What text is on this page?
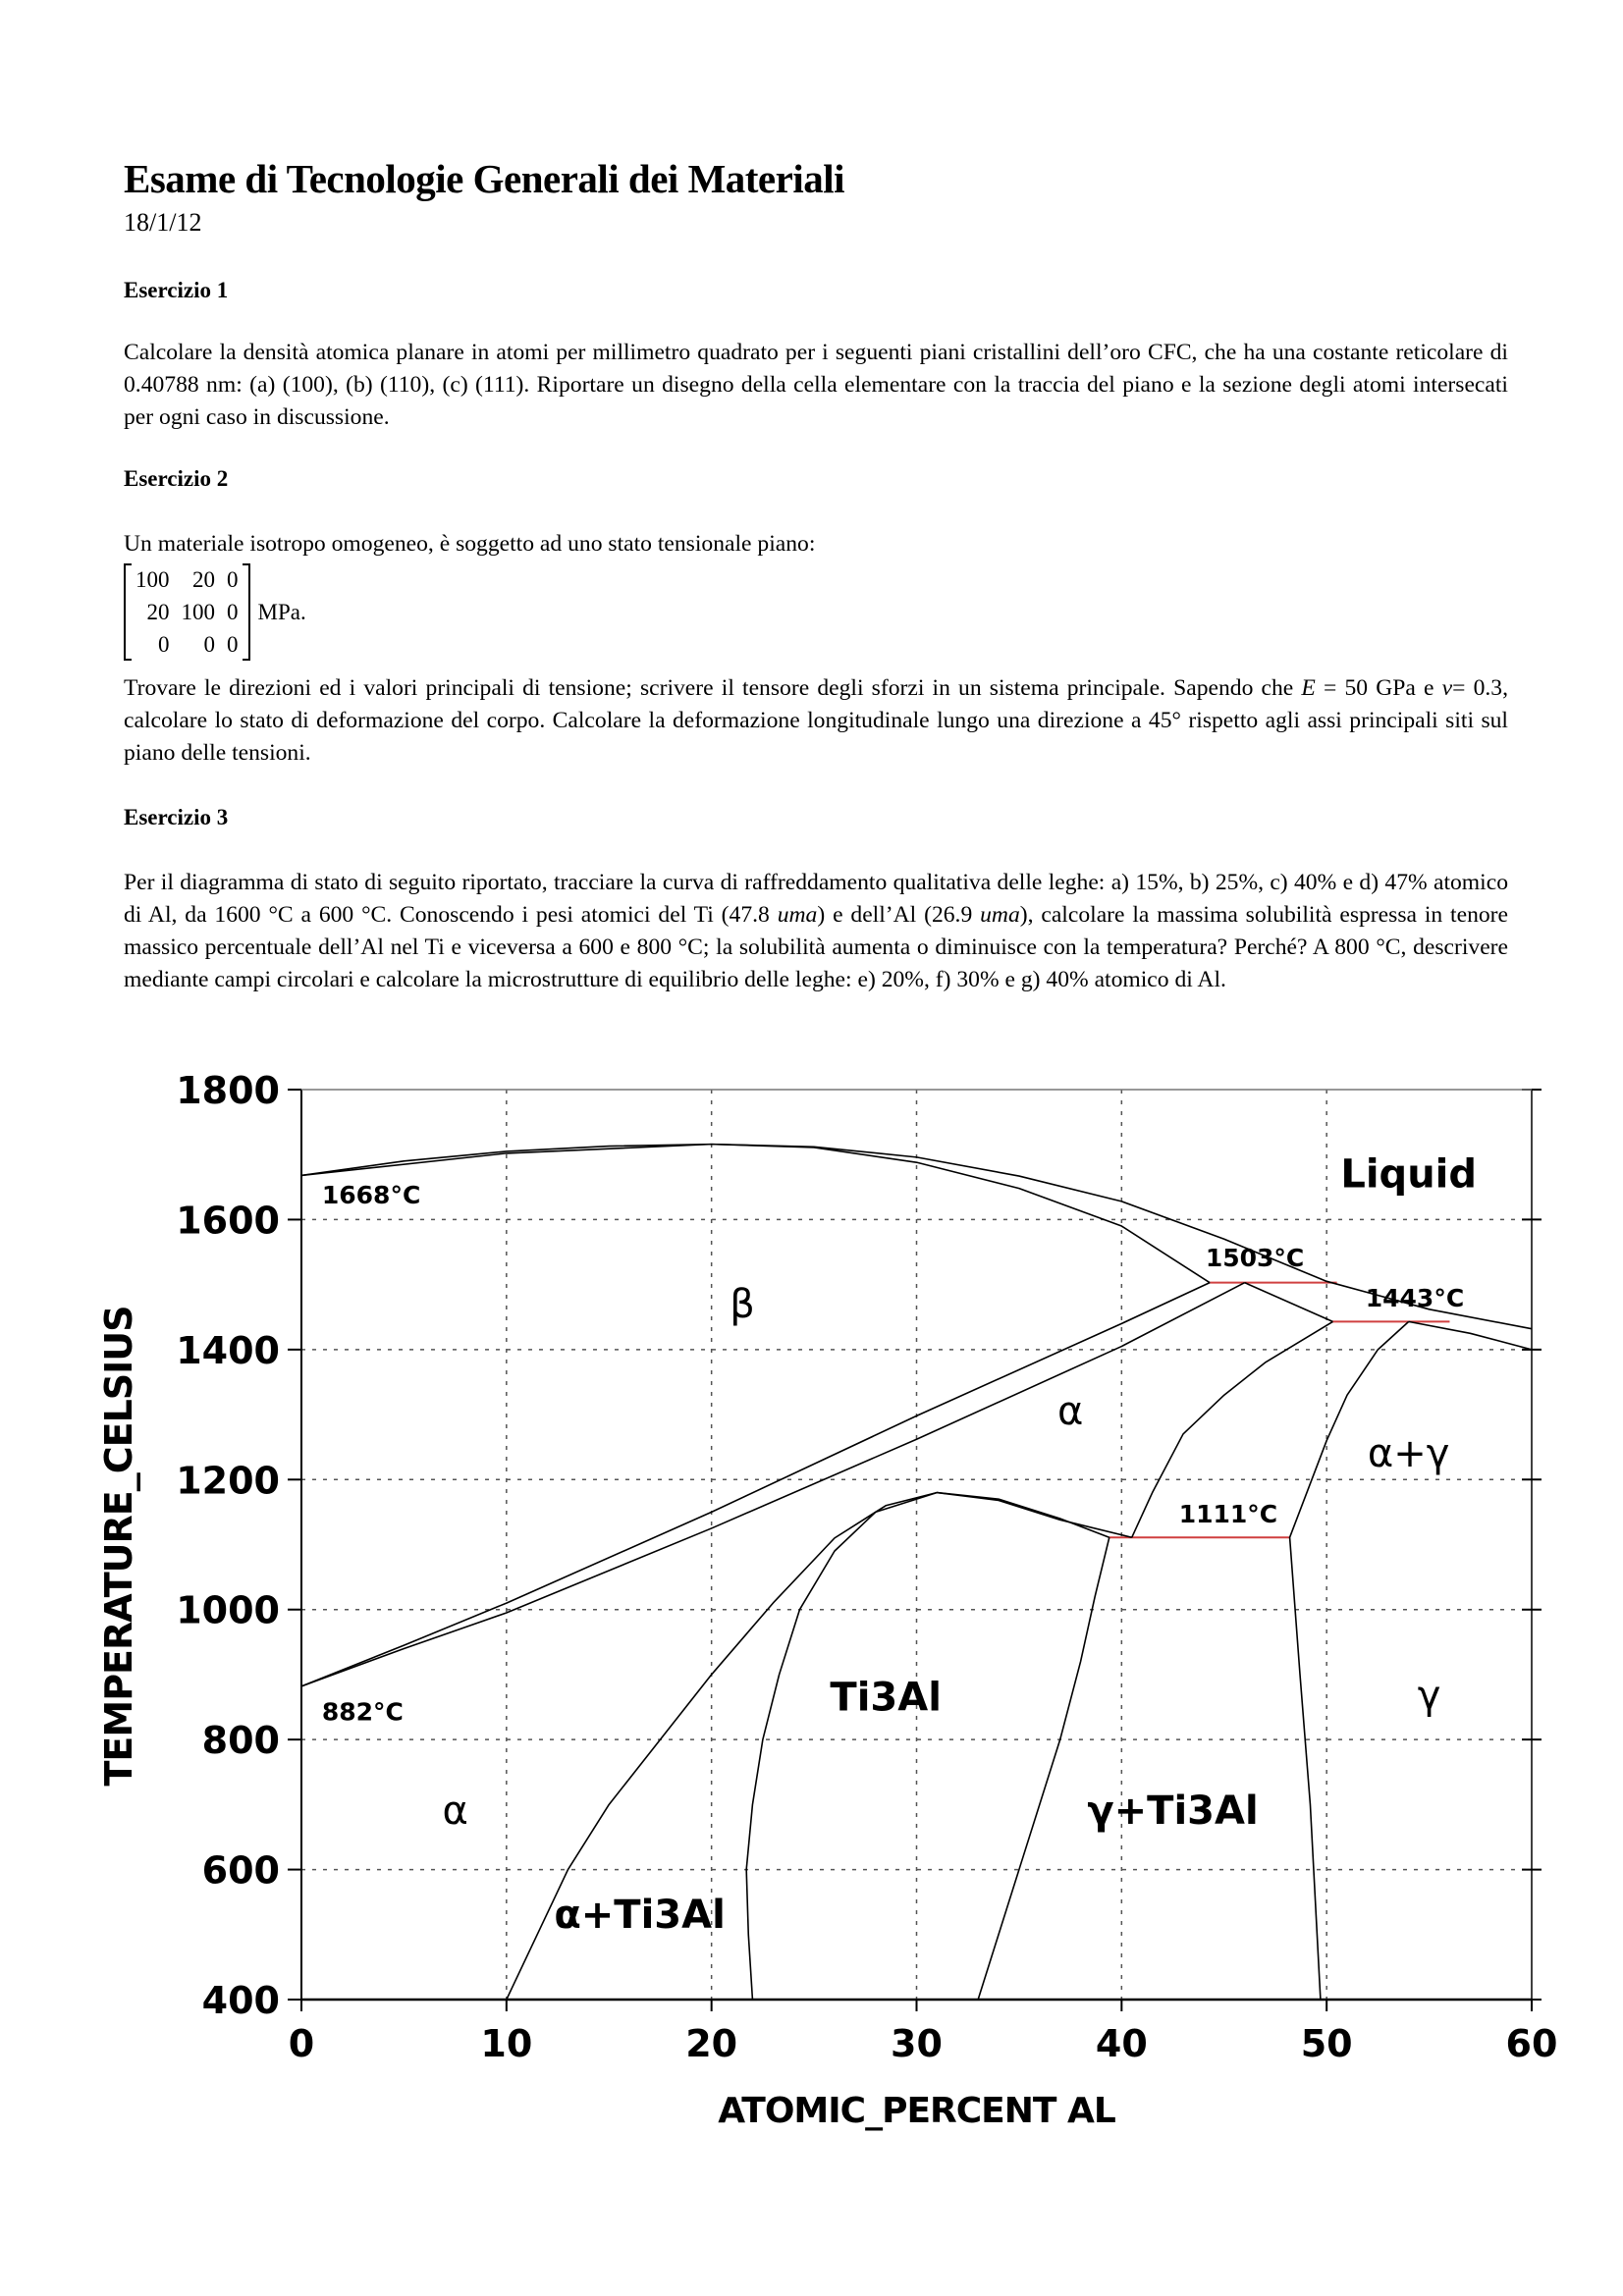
Esame di Tecnologie Generali dei Materiali
18/1/12
Esercizio 1
Calcolare la densità atomica planare in atomi per millimetro quadrato per i seguenti piani cristallini dell’oro CFC, che ha una costante reticolare di 0.40788 nm: (a) (100), (b) (110), (c) (111). Riportare un disegno della cella elementare con la traccia del piano e la sezione degli atomi intersecati per ogni caso in discussione.
Esercizio 2
Un materiale isotropo omogeneo, è soggetto ad uno stato tensionale piano:
100	20	0
20	100	0
0	0	0
MPa.
Trovare le direzioni ed i valori principali di tensione; scrivere il tensore degli sforzi in un sistema principale. Sapendo che E = 50 GPa e ν= 0.3, calcolare lo stato di deformazione del corpo. Calcolare la deformazione longitudinale lungo una direzione a 45° rispetto agli assi principali siti sul piano delle tensioni.
Esercizio 3
Per il diagramma di stato di seguito riportato, tracciare la curva di raffreddamento qualitativa delle leghe: a) 15%, b) 25%, c) 40% e d) 47% atomico di Al, da 1600 °C a 600 °C. Conoscendo i pesi atomici del Ti (47.8 uma) e dell’Al (26.9 uma), calcolare la massima solubilità espressa in tenore massico percentuale dell’Al nel Ti e viceversa a 600 e 800 °C; la solubilità aumenta o diminuisce con la temperatura? Perché? A 800 °C, descrivere mediante campi circolari e calcolare la microstrutture di equilibrio delle leghe: e) 20%, f) 30% e g) 40% atomico di Al.
0	10	20	30	40	50	60
400
600
800
1000
1200
1400
1600
1800
ATOMIC_PERCENT AL
TEMPERATURE_CELSIUS
1503°C
1443°C
1111°C
1668°C
882°C
Liquid
β
α
α+γ
Ti3Al	γ
α	γ+Ti3Al
α+Ti3Al
